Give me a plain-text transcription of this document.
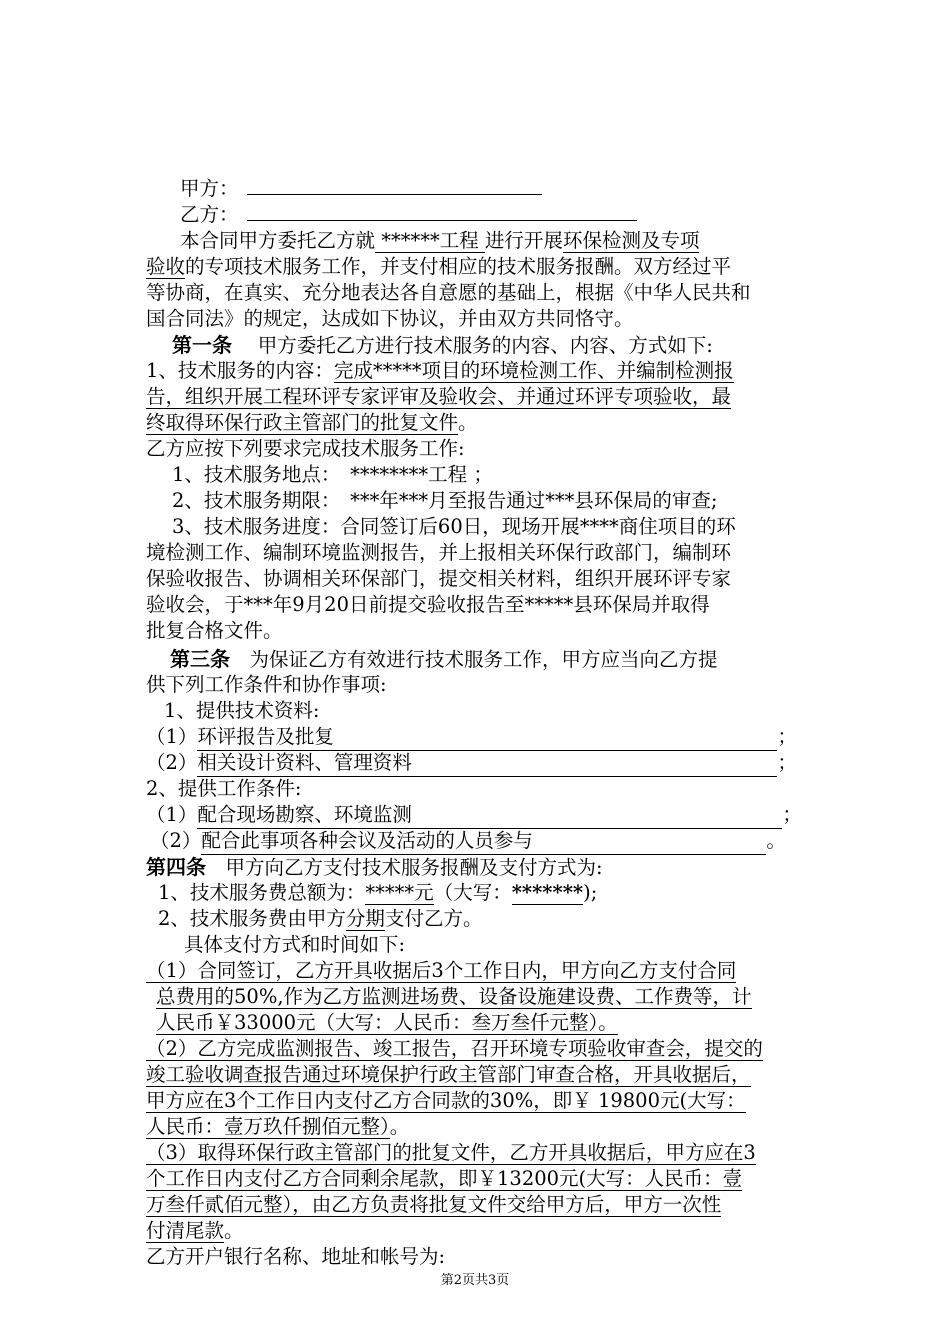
甲方：
乙方：
本合同甲方委托乙方就 ******工程 进行开展环保检测及专项
验收的专项技术服务工作，并支付相应的技术服务报酬。双方经过平
等协商，在真实、充分地表达各自意愿的基础上，根据《中华人民共和
国合同法》的规定，达成如下协议，并由双方共同恪守。
第一条　 甲方委托乙方进行技术服务的内容、内容、方式如下:
1、技术服务的内容：完成*****项目的环境检测工作、并编制检测报
告，组织开展工程环评专家评审及验收会、并通过环评专项验收，最
终取得环保行政主管部门的批复文件。
乙方应按下列要求完成技术服务工作:
1、技术服务地点：　********工程 ；
2、技术服务期限：　***年***月至报告通过***县环保局的审查;
3、技术服务进度：合同签订后60日，现场开展****商住项目的环
境检测工作、编制环境监测报告，并上报相关环保行政部门，编制环
保验收报告、协调相关环保部门，提交相关材料，组织开展环评专家
验收会，于***年9月20日前提交验收报告至*****县环保局并取得
批复合格文件。
第三条　为保证乙方有效进行技术服务工作，甲方应当向乙方提
供下列工作条件和协作事项:
1、提供技术资料:
（1）环评报告及批复	；
（2）相关设计资料、管理资料	；
2、提供工作条件:
（1）配合现场勘察、环境监测	；
（2）配合此事项各种会议及活动的人员参与	。
第四条　甲方向乙方支付技术服务报酬及支付方式为:
1、技术服务费总额为：*****元（大写：*******);
2、技术服务费由甲方分期支付乙方。
具体支付方式和时间如下:
（1）合同签订，乙方开具收据后3个工作日内，甲方向乙方支付合同
总费用的50%,作为乙方监测进场费、设备设施建设费、工作费等，计
人民币￥33000元（大写：人民币：叁万叁仟元整）。
（2）乙方完成监测报告、竣工报告，召开环境专项验收审查会，提交的
竣工验收调查报告通过环境保护行政主管部门审查合格，开具收据后，
甲方应在3个工作日内支付乙方合同款的30%，即￥ 19800元(大写：
人民币：壹万玖仟捌佰元整）。
（3）取得环保行政主管部门的批复文件，乙方开具收据后，甲方应在3
个工作日内支付乙方合同剩余尾款，即￥13200元(大写：人民币：壹
万叁仟贰佰元整），由乙方负责将批复文件交给甲方后，甲方一次性
付清尾款。
乙方开户银行名称、地址和帐号为:
第2页共3页
